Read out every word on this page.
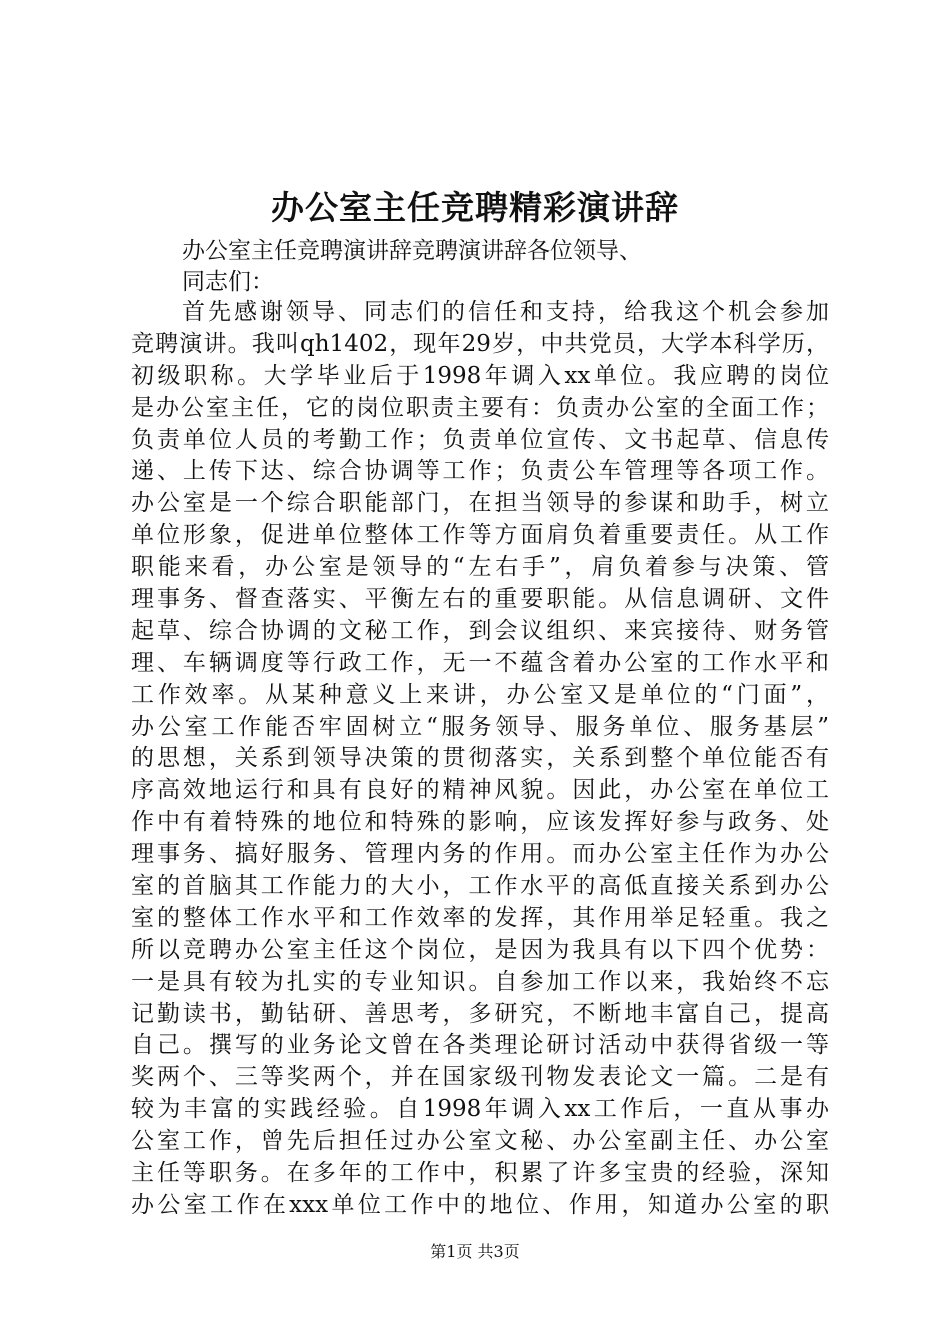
办公室主任竞聘精彩演讲辞
办公室主任竞聘演讲辞竞聘演讲辞各位领导、
同志们：
首先感谢领导、同志们的信任和支持，给我这个机会参加
竞聘演讲。我叫qh1402，现年29岁，中共党员，大学本科学历，
初级职称。大学毕业后于1998年调入xx单位。我应聘的岗位
是办公室主任，它的岗位职责主要有：负责办公室的全面工作；
负责单位人员的考勤工作；负责单位宣传、文书起草、信息传
递、上传下达、综合协调等工作；负责公车管理等各项工作。
办公室是一个综合职能部门，在担当领导的参谋和助手，树立
单位形象，促进单位整体工作等方面肩负着重要责任。从工作
职能来看，办公室是领导的“左右手”，肩负着参与决策、管
理事务、督查落实、平衡左右的重要职能。从信息调研、文件
起草、综合协调的文秘工作，到会议组织、来宾接待、财务管
理、车辆调度等行政工作，无一不蕴含着办公室的工作水平和
工作效率。从某种意义上来讲，办公室又是单位的“门面”，
办公室工作能否牢固树立“服务领导、服务单位、服务基层”
的思想，关系到领导决策的贯彻落实，关系到整个单位能否有
序高效地运行和具有良好的精神风貌。因此，办公室在单位工
作中有着特殊的地位和特殊的影响，应该发挥好参与政务、处
理事务、搞好服务、管理内务的作用。而办公室主任作为办公
室的首脑其工作能力的大小，工作水平的高低直接关系到办公
室的整体工作水平和工作效率的发挥，其作用举足轻重。我之
所以竞聘办公室主任这个岗位，是因为我具有以下四个优势：
一是具有较为扎实的专业知识。自参加工作以来，我始终不忘
记勤读书，勤钻研、善思考，多研究，不断地丰富自己，提高
自己。撰写的业务论文曾在各类理论研讨活动中获得省级一等
奖两个、三等奖两个，并在国家级刊物发表论文一篇。二是有
较为丰富的实践经验。自1998年调入xx工作后，一直从事办
公室工作，曾先后担任过办公室文秘、办公室副主任、办公室
主任等职务。在多年的工作中，积累了许多宝贵的经验，深知
办公室工作在xxx单位工作中的地位、作用，知道办公室的职
第1页 共3页
